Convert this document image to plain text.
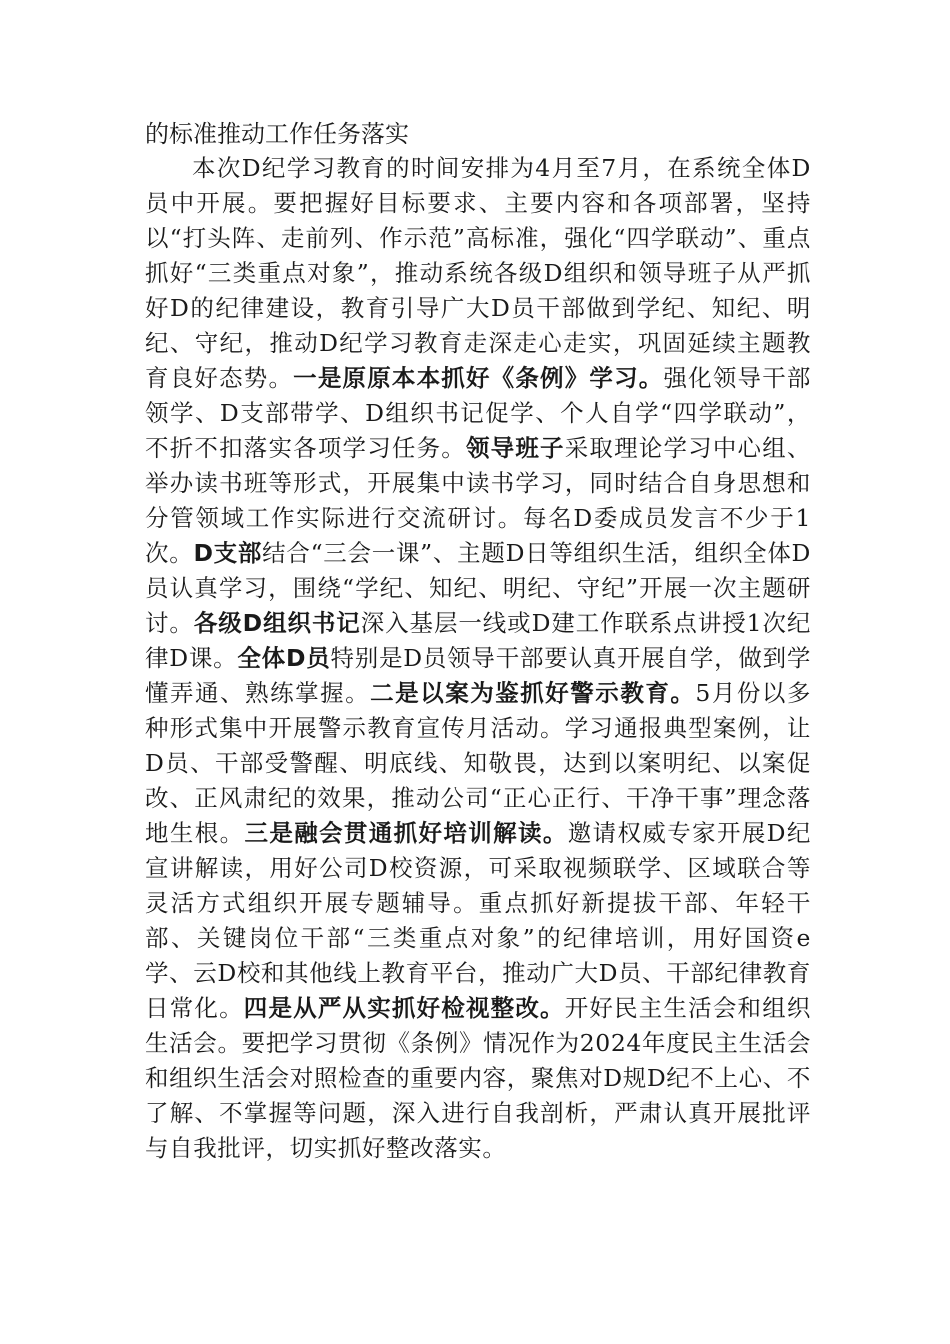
的标准推动工作任务落实

本次D纪学习教育的时间安排为4月至7月，在系统全体D员中开展。要把握好目标要求、主要内容和各项部署，坚持以“打头阵、走前列、作示范”高标准，强化“四学联动”、重点抓好“三类重点对象”，推动系统各级D组织和领导班子从严抓好D的纪律建设，教育引导广大D员干部做到学纪、知纪、明纪、守纪，推动D纪学习教育走深走心走实，巩固延续主题教育良好态势。一是原原本本抓好《条例》学习。强化领导干部领学、D支部带学、D组织书记促学、个人自学“四学联动”，不折不扣落实各项学习任务。领导班子采取理论学习中心组、举办读书班等形式，开展集中读书学习，同时结合自身思想和分管领域工作实际进行交流研讨。每名D委成员发言不少于1次。D支部结合“三会一课”、主题D日等组织生活，组织全体D员认真学习，围绕“学纪、知纪、明纪、守纪”开展一次主题研讨。各级D组织书记深入基层一线或D建工作联系点讲授1次纪律D课。全体D员特别是D员领导干部要认真开展自学，做到学懂弄通、熟练掌握。二是以案为鉴抓好警示教育。5月份以多种形式集中开展警示教育宣传月活动。学习通报典型案例，让D员、干部受警醒、明底线、知敬畏，达到以案明纪、以案促改、正风肃纪的效果，推动公司“正心正行、干净干事”理念落地生根。三是融会贯通抓好培训解读。邀请权威专家开展D纪宣讲解读，用好公司D校资源，可采取视频联学、区域联合等灵活方式组织开展专题辅导。重点抓好新提拔干部、年轻干部、关键岗位干部“三类重点对象”的纪律培训，用好国资e学、云D校和其他线上教育平台，推动广大D员、干部纪律教育日常化。四是从严从实抓好检视整改。开好民主生活会和组织生活会。要把学习贯彻《条例》情况作为2024年度民主生活会和组织生活会对照检查的重要内容，聚焦对D规D纪不上心、不了解、不掌握等问题，深入进行自我剖析，严肃认真开展批评与自我批评，切实抓好整改落实。
